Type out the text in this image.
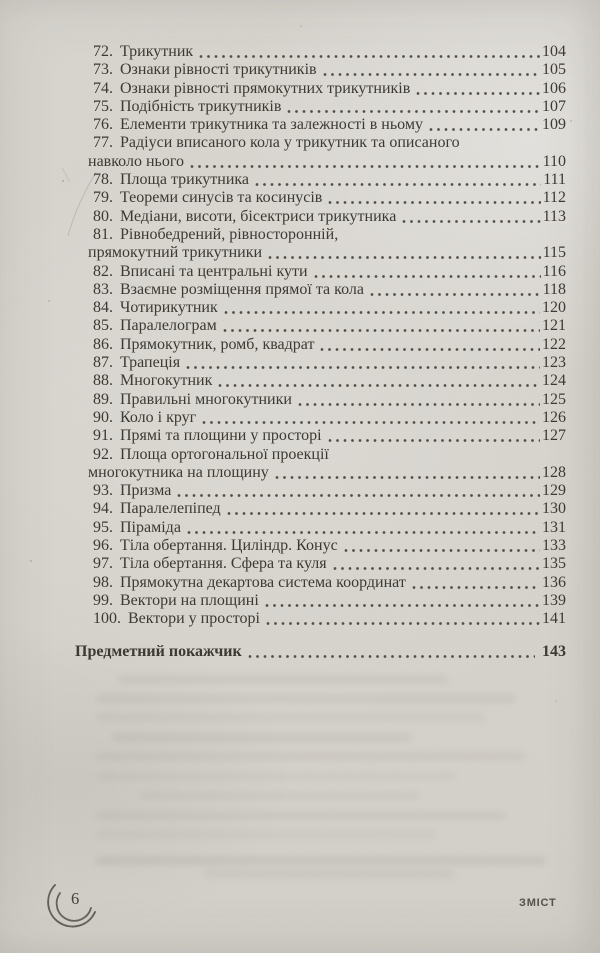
72. Трикутник	104
73. Ознаки рівності трикутників	105
74. Ознаки рівності прямокутних трикутників	106
75. Подібність трикутників	107
76. Елементи трикутника та залежності в ньому	109
77. Радіуси вписаного кола у трикутник та описаного
навколо нього	110
78. Площа трикутника	111
79. Теореми синусів та косинусів	112
80. Медіани, висоти, бісектриси трикутника	113
81. Рівнобедрений, рівносторонній,
прямокутний трикутники	115
82. Вписані та центральні кути	116
83. Взаємне розміщення прямої та кола	118
84. Чотирикутник	120
85. Паралелограм	121
86. Прямокутник, ромб, квадрат	122
87. Трапеція	123
88. Многокутник	124
89. Правильні многокутники	125
90. Коло і круг	126
91. Прямі та площини у просторі	127
92. Площа ортогональної проекції
многокутника на площину	128
93. Призма	129
94. Паралелепіпед	130
95. Піраміда	131
96. Тіла обертання. Циліндр. Конус	133
97. Тіла обертання. Сфера та куля	135
98. Прямокутна декартова система координат	136
99. Вектори на площині	139
100. Вектори у просторі	141
Предметний покажчик	143
6	ЗМІСТ
